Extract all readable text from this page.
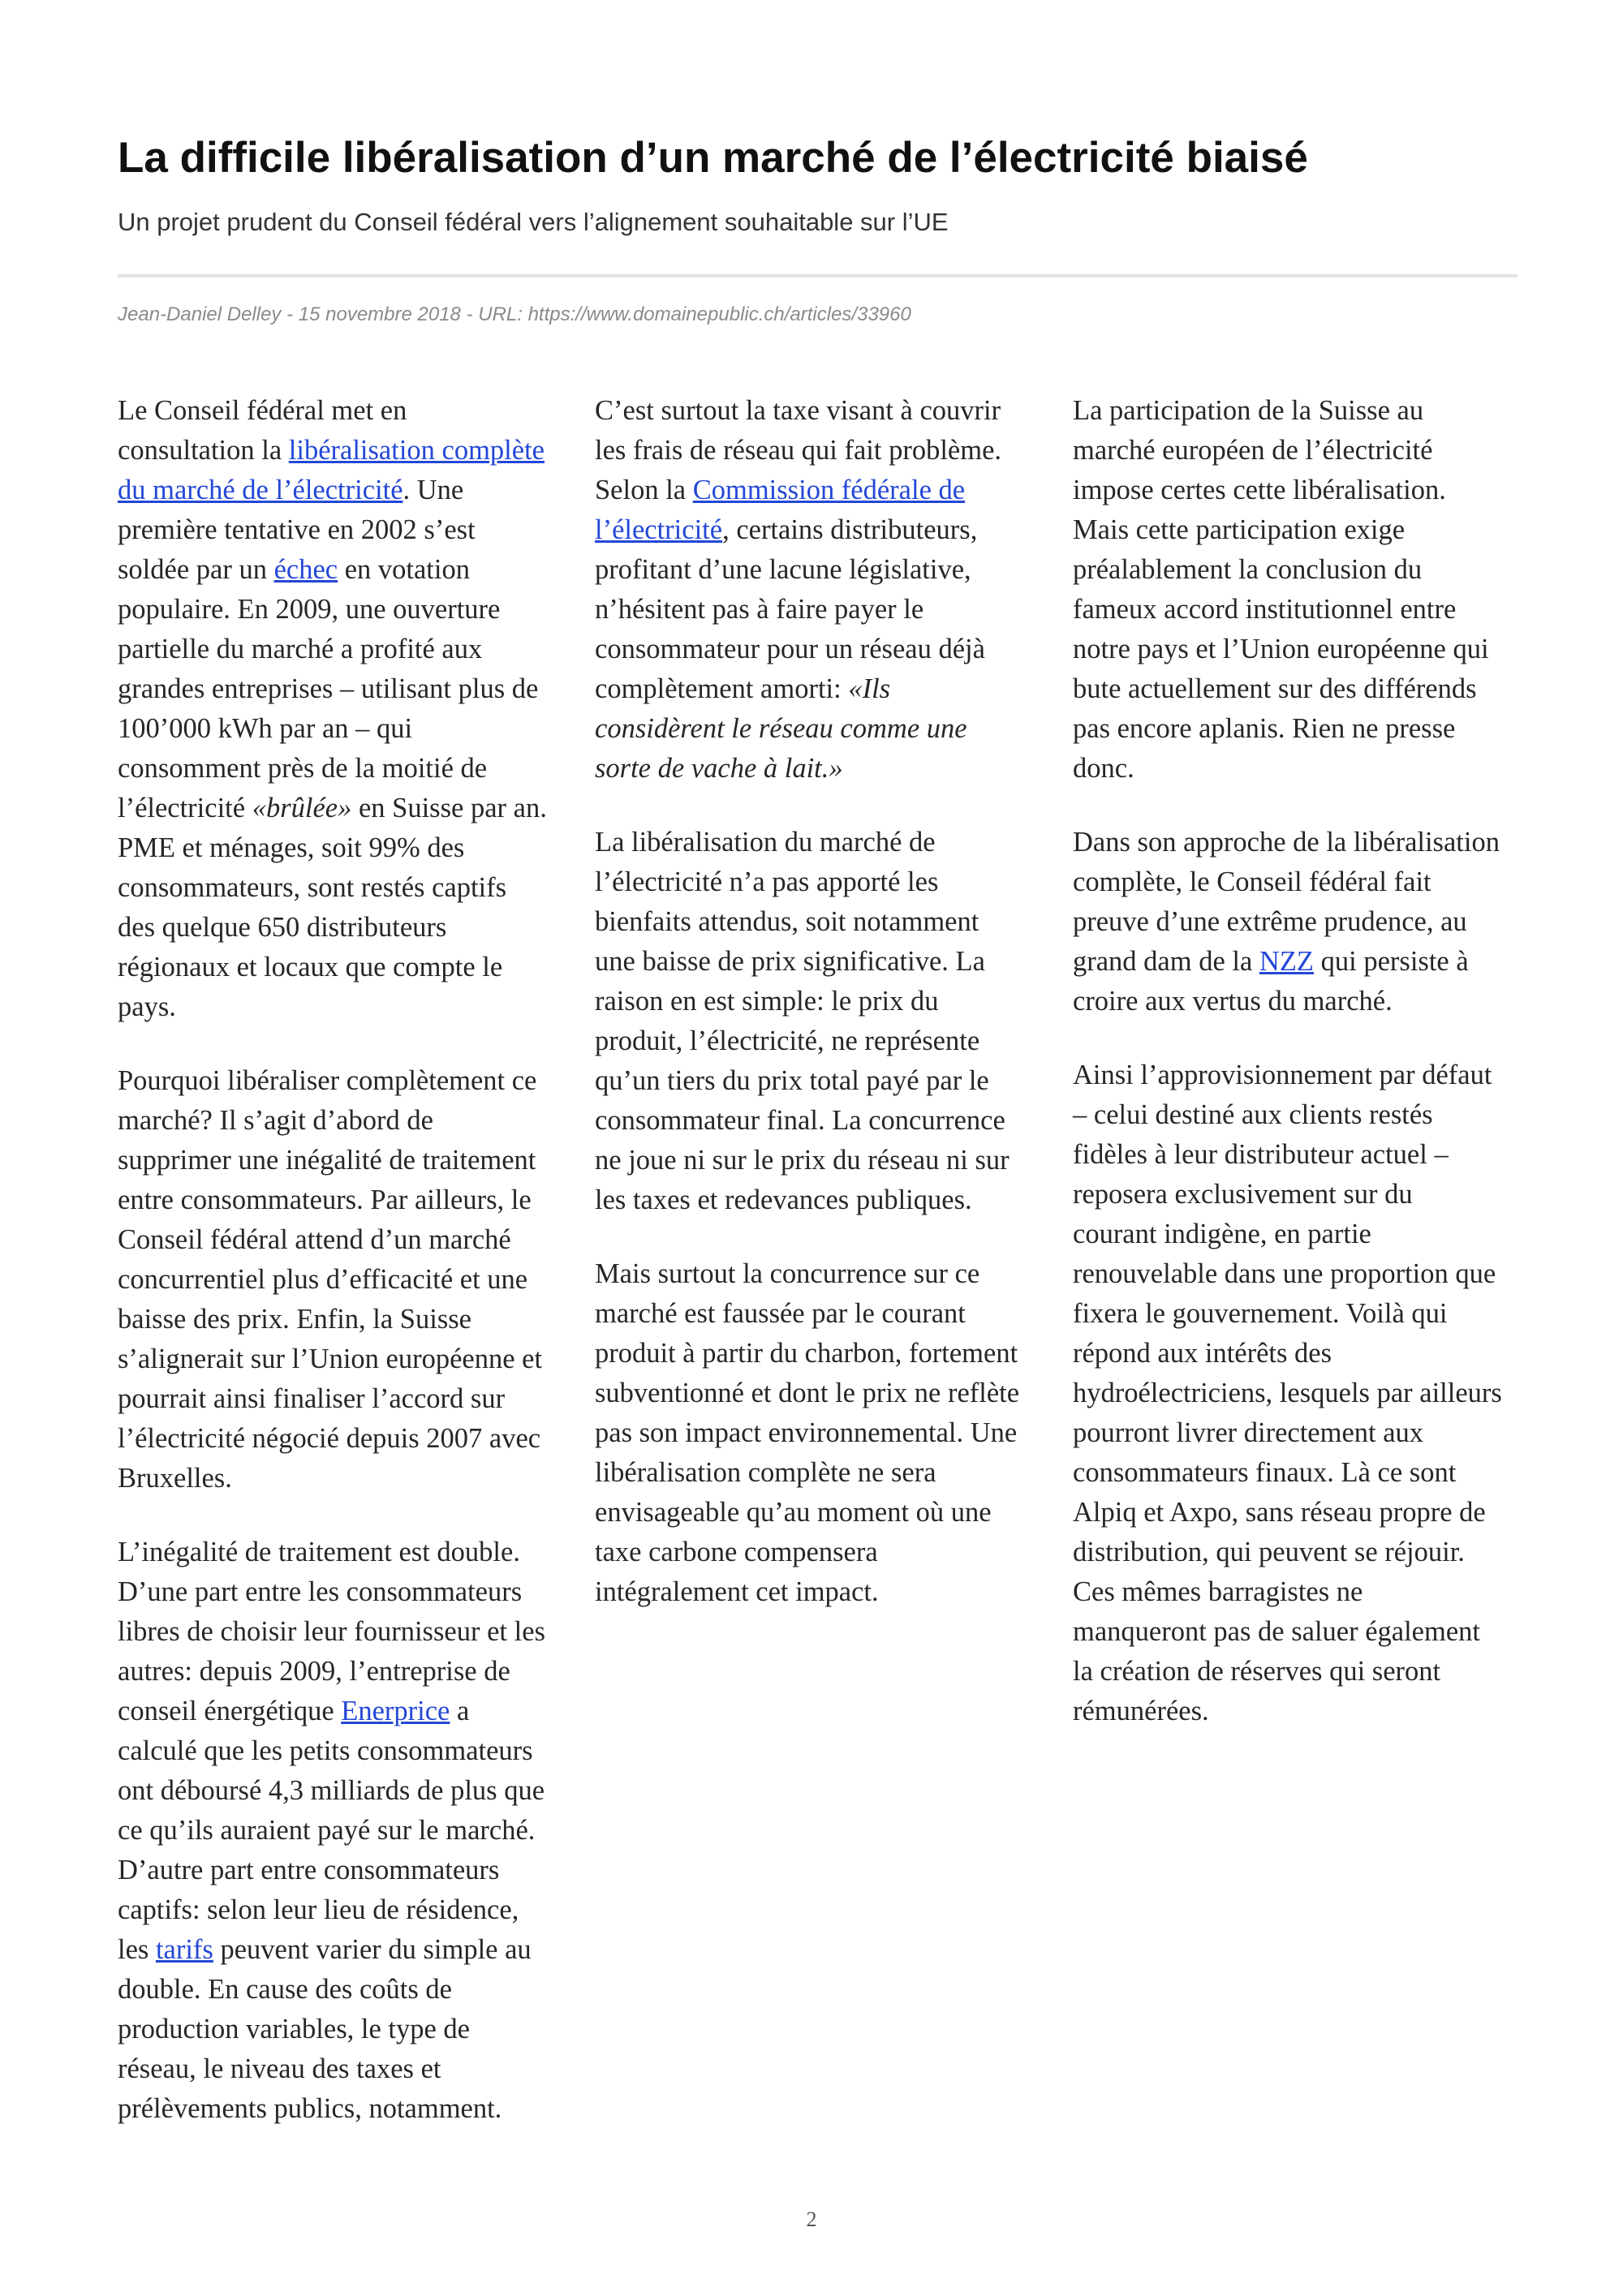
La difficile libéralisation d’un marché de l’électricité biaisé

Un projet prudent du Conseil fédéral vers l’alignement souhaitable sur l’UE

Jean-Daniel Delley - 15 novembre 2018 - URL: https://www.domainepublic.ch/articles/33960

Le Conseil fédéral met en consultation la libéralisation complète du marché de l’électricité. Une première tentative en 2002 s’est soldée par un échec en votation populaire. En 2009, une ouverture partielle du marché a profité aux grandes entreprises – utilisant plus de 100’000 kWh par an – qui consomment près de la moitié de l’électricité «brûlée» en Suisse par an. PME et ménages, soit 99% des consommateurs, sont restés captifs des quelque 650 distributeurs régionaux et locaux que compte le pays.

Pourquoi libéraliser complètement ce marché? Il s’agit d’abord de supprimer une inégalité de traitement entre consommateurs. Par ailleurs, le Conseil fédéral attend d’un marché concurrentiel plus d’efficacité et une baisse des prix. Enfin, la Suisse s’alignerait sur l’Union européenne et pourrait ainsi finaliser l’accord sur l’électricité négocié depuis 2007 avec Bruxelles.

L’inégalité de traitement est double. D’une part entre les consommateurs libres de choisir leur fournisseur et les autres: depuis 2009, l’entreprise de conseil énergétique Enerprice a calculé que les petits consommateurs ont déboursé 4,3 milliards de plus que ce qu’ils auraient payé sur le marché. D’autre part entre consommateurs captifs: selon leur lieu de résidence, les tarifs peuvent varier du simple au double. En cause des coûts de production variables, le type de réseau, le niveau des taxes et prélèvements publics, notamment.

C’est surtout la taxe visant à couvrir les frais de réseau qui fait problème. Selon la Commission fédérale de l’électricité, certains distributeurs, profitant d’une lacune législative, n’hésitent pas à faire payer le consommateur pour un réseau déjà complètement amorti: «Ils considèrent le réseau comme une sorte de vache à lait.»

La libéralisation du marché de l’électricité n’a pas apporté les bienfaits attendus, soit notamment une baisse de prix significative. La raison en est simple: le prix du produit, l’électricité, ne représente qu’un tiers du prix total payé par le consommateur final. La concurrence ne joue ni sur le prix du réseau ni sur les taxes et redevances publiques.

Mais surtout la concurrence sur ce marché est faussée par le courant produit à partir du charbon, fortement subventionné et dont le prix ne reflète pas son impact environnemental. Une libéralisation complète ne sera envisageable qu’au moment où une taxe carbone compensera intégralement cet impact.

La participation de la Suisse au marché européen de l’électricité impose certes cette libéralisation. Mais cette participation exige préalablement la conclusion du fameux accord institutionnel entre notre pays et l’Union européenne qui bute actuellement sur des différends pas encore aplanis. Rien ne presse donc.

Dans son approche de la libéralisation complète, le Conseil fédéral fait preuve d’une extrême prudence, au grand dam de la NZZ qui persiste à croire aux vertus du marché.

Ainsi l’approvisionnement par défaut – celui destiné aux clients restés fidèles à leur distributeur actuel – reposera exclusivement sur du courant indigène, en partie renouvelable dans une proportion que fixera le gouvernement. Voilà qui répond aux intérêts des hydroélectriciens, lesquels par ailleurs pourront livrer directement aux consommateurs finaux. Là ce sont Alpiq et Axpo, sans réseau propre de distribution, qui peuvent se réjouir. Ces mêmes barragistes ne manqueront pas de saluer également la création de réserves qui seront rémunérées.

2
